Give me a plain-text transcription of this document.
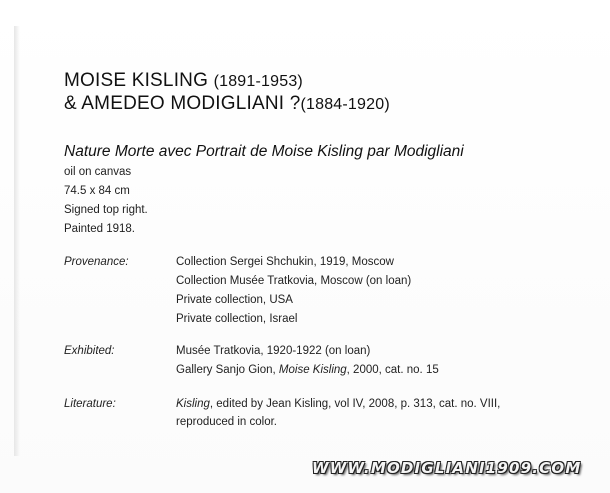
MOISE KISLING (1891-1953)
& AMEDEO MODIGLIANI ?(1884-1920)
Nature Morte avec Portrait de Moise Kisling par Modigliani
oil on canvas
74.5 x 84 cm
Signed top right.
Painted 1918.
Provenance:	Collection Sergei Shchukin, 1919, Moscow
Collection Musée Tratkovia, Moscow (on loan)
Private collection, USA
Private collection, Israel
Exhibited:	Musée Tratkovia, 1920-1922 (on loan)
Gallery Sanjo Gion, Moise Kisling, 2000, cat. no. 15
Literature:	Kisling, edited by Jean Kisling, vol IV, 2008, p. 313, cat. no. VIII,
reproduced in color.
WWW.MODIGLIANI1909.COM
